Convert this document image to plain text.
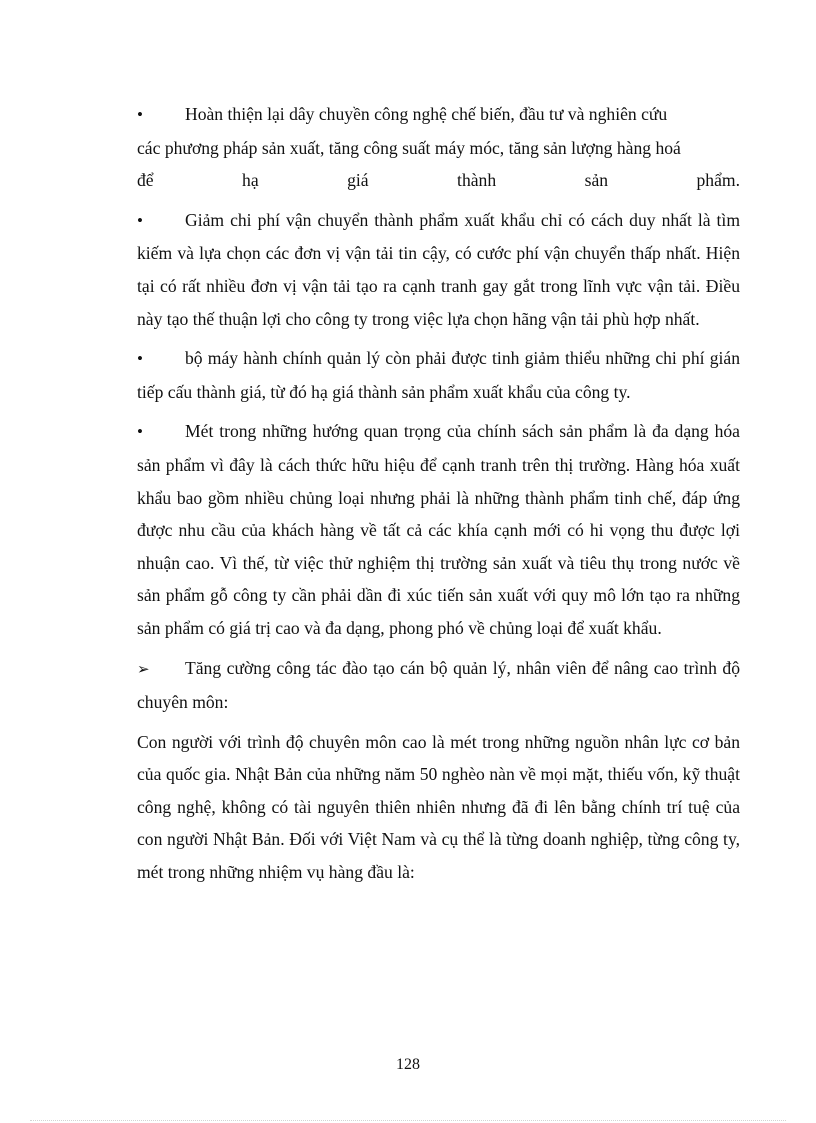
• Hoàn thiện lại dây chuyền công nghệ chế biến, đầu tư và nghiên cứu
các phương pháp sản xuất, tăng công suất máy móc, tăng sản lượng hàng hoá

để hạ giá thành sản phẩm.

• Giảm chi phí vận chuyển thành phẩm xuất khẩu chỉ có cách duy nhất là tìm kiếm và lựa chọn các đơn vị vận tải tin cậy, có cước phí vận chuyển thấp nhất. Hiện tại có rất nhiều đơn vị vận tải tạo ra cạnh tranh gay gắt trong lĩnh vực vận tải. Điều này tạo thế thuận lợi cho công ty trong việc lựa chọn hãng vận tải phù hợp nhất.

• bộ máy hành chính quản lý còn phải được tinh giảm thiểu những chi phí gián tiếp cấu thành giá, từ đó hạ giá thành sản phẩm xuất khẩu của công ty.

• Mét trong những hướng quan trọng của chính sách sản phẩm là đa dạng hóa sản phẩm vì đây là cách thức hữu hiệu để cạnh tranh trên thị trường. Hàng hóa xuất khẩu bao gồm nhiều chủng loại nhưng phải là những thành phẩm tinh chế, đáp ứng được nhu cầu của khách hàng về tất cả các khía cạnh mới có hi vọng thu được lợi nhuận cao. Vì thế, từ việc thử nghiệm thị trường sản xuất và tiêu thụ trong nước về sản phẩm gỗ công ty cần phải dần đi xúc tiến sản xuất với quy mô lớn tạo ra những sản phẩm có giá trị cao và đa dạng, phong phó về chủng loại để xuất khẩu.

➢ Tăng cường công tác đào tạo cán bộ quản lý, nhân viên để nâng cao trình độ chuyên môn:

Con người với trình độ chuyên môn cao là mét trong những nguồn nhân lực cơ bản của quốc gia. Nhật Bản của những năm 50 nghèo nàn về mọi mặt, thiếu vốn, kỹ thuật công nghệ, không có tài nguyên thiên nhiên nhưng đã đi lên bằng chính trí tuệ của con người Nhật Bản. Đối với Việt Nam và cụ thể là từng doanh nghiệp, từng công ty, mét trong những nhiệm vụ hàng đầu là:

128
